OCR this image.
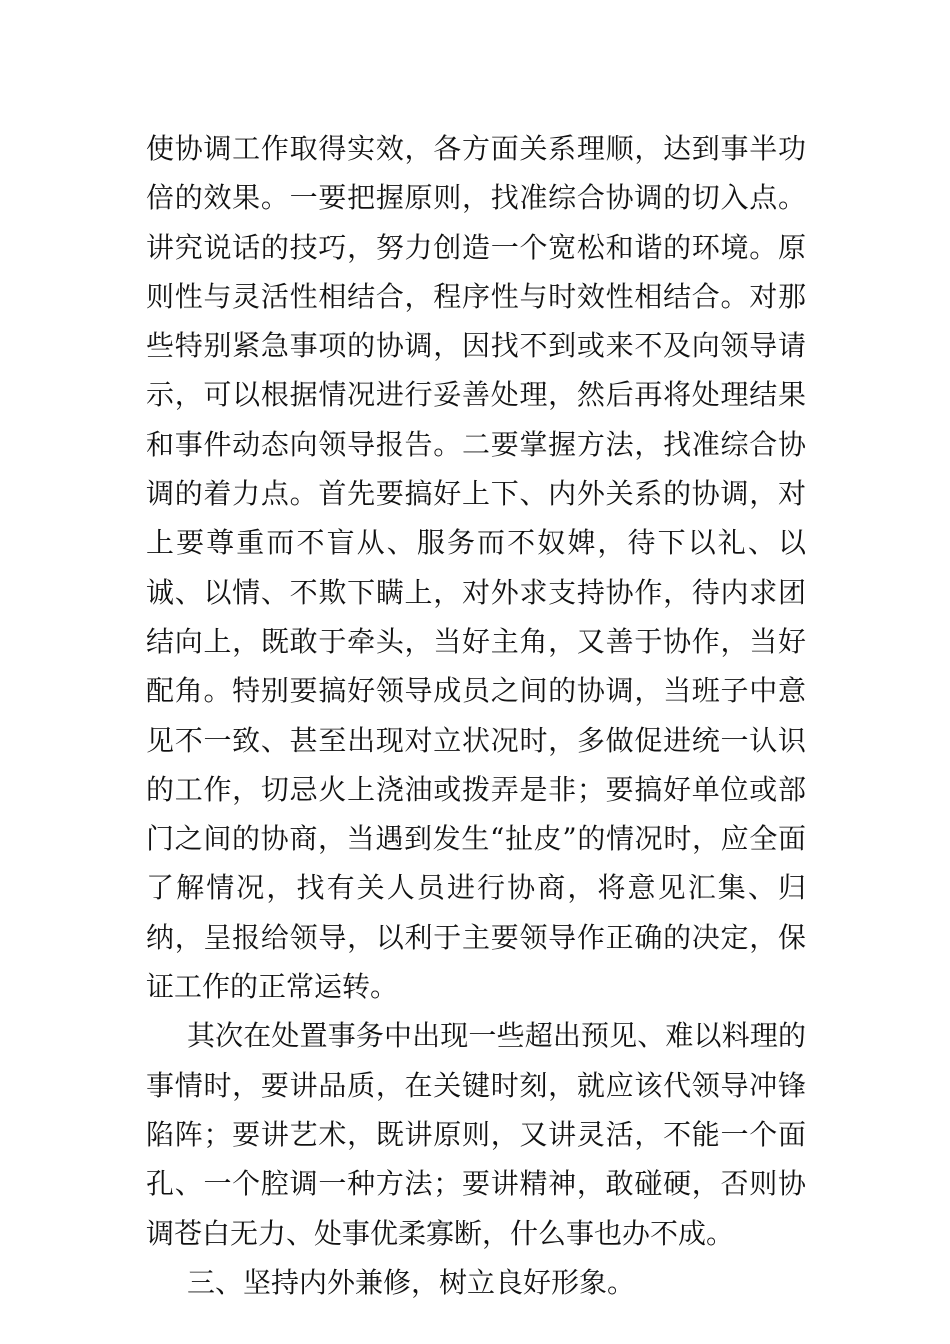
使协调工作取得实效，各方面关系理顺，达到事半功倍的效果。一要把握原则，找准综合协调的切入点。讲究说话的技巧，努力创造一个宽松和谐的环境。原则性与灵活性相结合，程序性与时效性相结合。对那些特别紧急事项的协调，因找不到或来不及向领导请示，可以根据情况进行妥善处理，然后再将处理结果和事件动态向领导报告。二要掌握方法，找准综合协调的着力点。首先要搞好上下、内外关系的协调，对上要尊重而不盲从、服务而不奴婢，待下以礼、以诚、以情、不欺下瞒上，对外求支持协作，待内求团结向上，既敢于牵头，当好主角，又善于协作，当好配角。特别要搞好领导成员之间的协调，当班子中意见不一致、甚至出现对立状况时，多做促进统一认识的工作，切忌火上浇油或拨弄是非；要搞好单位或部门之间的协商，当遇到发生“扯皮”的情况时，应全面了解情况，找有关人员进行协商，将意见汇集、归纳，呈报给领导，以利于主要领导作正确的决定，保证工作的正常运转。

其次在处置事务中出现一些超出预见、难以料理的事情时，要讲品质，在关键时刻，就应该代领导冲锋陷阵；要讲艺术，既讲原则，又讲灵活，不能一个面孔、一个腔调一种方法；要讲精神，敢碰硬，否则协调苍白无力、处事优柔寡断，什么事也办不成。

三、坚持内外兼修，树立良好形象。
